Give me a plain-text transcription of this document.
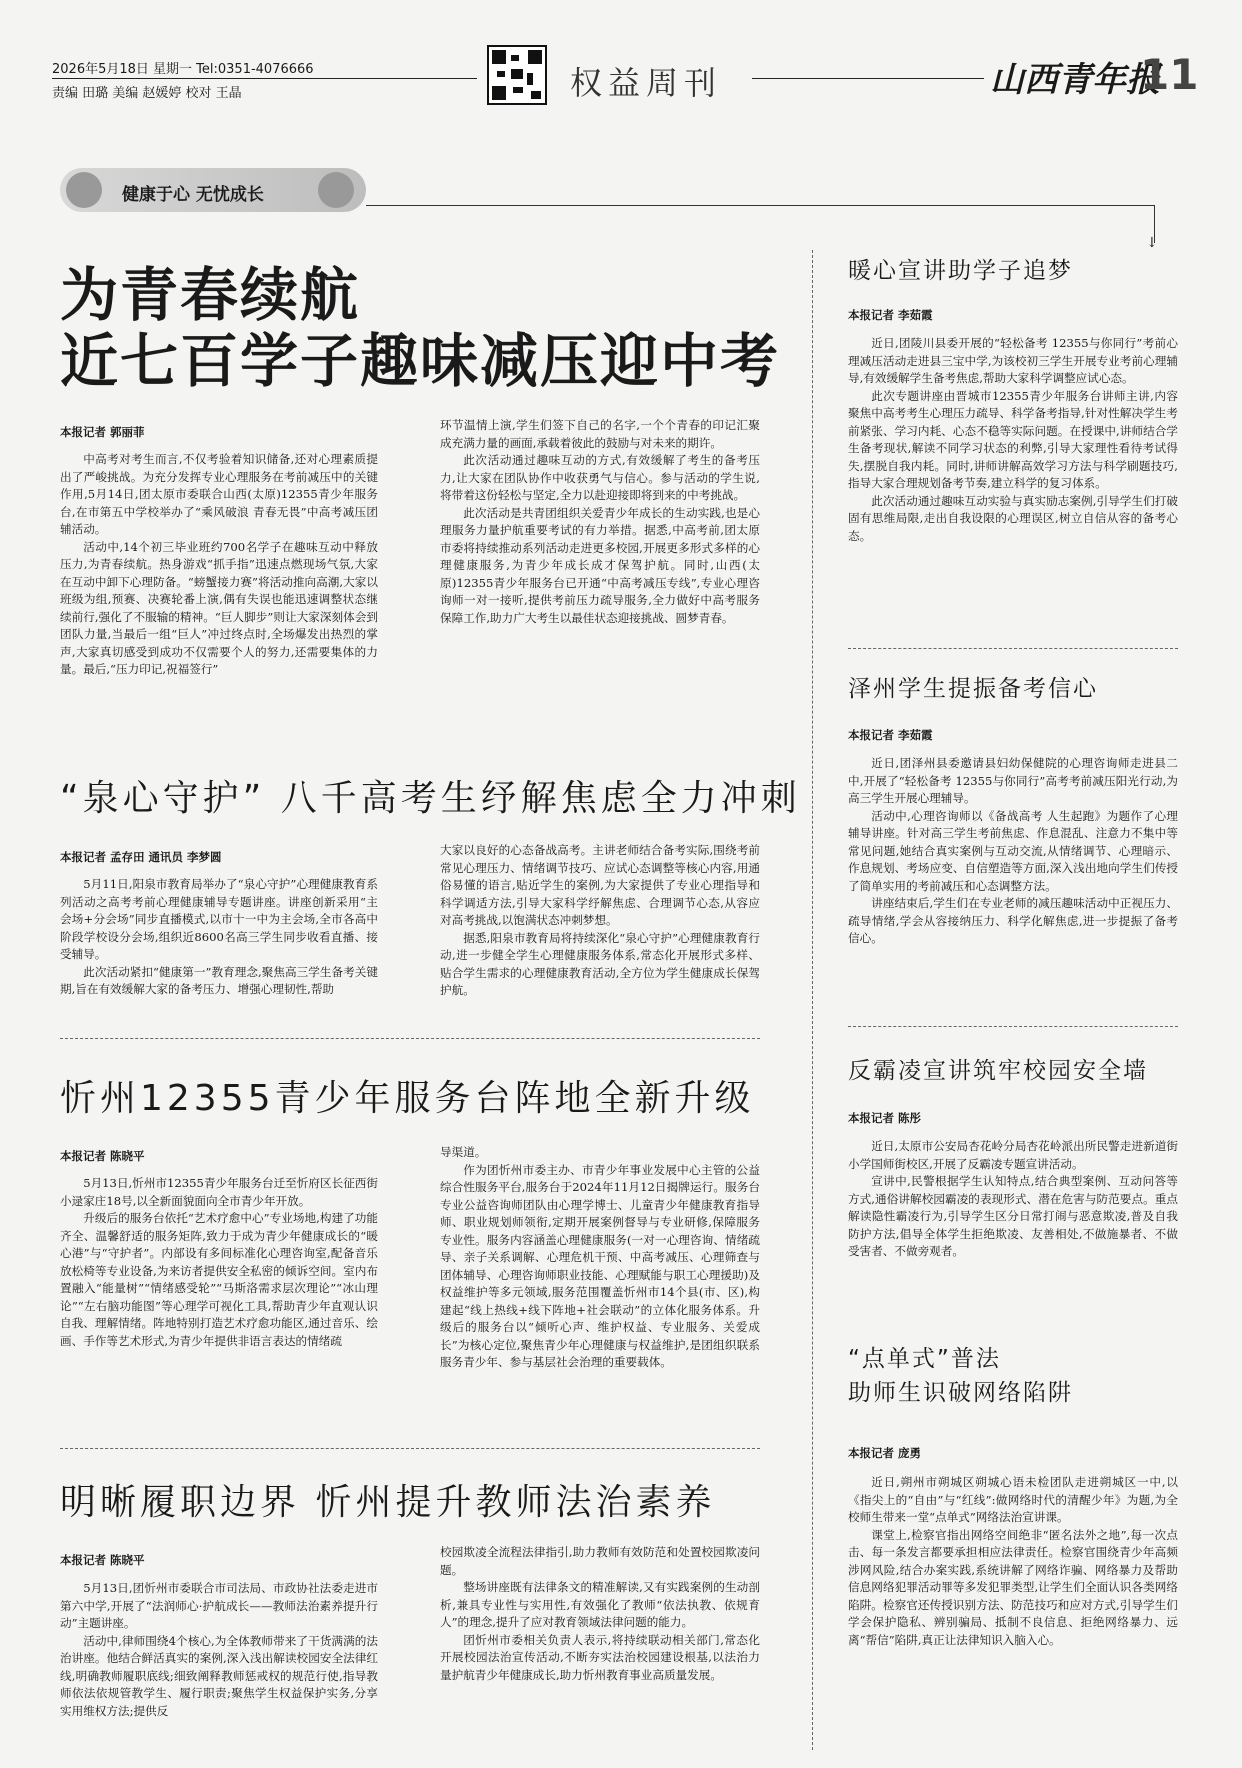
2026年5月18日 星期一 Tel:0351-4076666
责编 田璐 美编 赵媛婷 校对 王晶	权益周刊	山西青年报
11
健康于心 无忧成长
↓
为青春续航
近七百学子趣味减压迎中考
本报记者 郭丽菲

中高考对考生而言,不仅考验着知识储备,还对心理素质提出了严峻挑战。为充分发挥专业心理服务在考前减压中的关键作用,5月14日,团太原市委联合山西(太原)12355青少年服务台,在市第五中学校举办了“乘风破浪 青春无畏”中高考减压团辅活动。

活动中,14个初三毕业班约700名学子在趣味互动中释放压力,为青春续航。热身游戏“抓手指”迅速点燃现场气氛,大家在互动中卸下心理防备。“螃蟹接力赛”将活动推向高潮,大家以班级为组,预赛、决赛轮番上演,偶有失误也能迅速调整状态继续前行,强化了不服输的精神。“巨人脚步”则让大家深刻体会到团队力量,当最后一组“巨人”冲过终点时,全场爆发出热烈的掌声,大家真切感受到成功不仅需要个人的努力,还需要集体的力量。最后,“压力印记,祝福签行”

环节温情上演,学生们签下自己的名字,一个个青春的印记汇聚成充满力量的画面,承载着彼此的鼓励与对未来的期许。

此次活动通过趣味互动的方式,有效缓解了考生的备考压力,让大家在团队协作中收获勇气与信心。参与活动的学生说,将带着这份轻松与坚定,全力以赴迎接即将到来的中考挑战。

此次活动是共青团组织关爱青少年成长的生动实践,也是心理服务力量护航重要考试的有力举措。据悉,中高考前,团太原市委将持续推动系列活动走进更多校园,开展更多形式多样的心理健康服务,为青少年成长成才保驾护航。同时,山西(太原)12355青少年服务台已开通“中高考减压专线”,专业心理咨询师一对一接听,提供考前压力疏导服务,全力做好中高考服务保障工作,助力广大考生以最佳状态迎接挑战、圆梦青春。

“泉心守护” 八千高考生纾解焦虑全力冲刺
本报记者 孟存田 通讯员 李梦圆

5月11日,阳泉市教育局举办了“泉心守护”心理健康教育系列活动之高考考前心理健康辅导专题讲座。讲座创新采用“主会场+分会场”同步直播模式,以市十一中为主会场,全市各高中阶段学校设分会场,组织近8600名高三学生同步收看直播、接受辅导。

此次活动紧扣“健康第一”教育理念,聚焦高三学生备考关键期,旨在有效缓解大家的备考压力、增强心理韧性,帮助

大家以良好的心态备战高考。主讲老师结合备考实际,围绕考前常见心理压力、情绪调节技巧、应试心态调整等核心内容,用通俗易懂的语言,贴近学生的案例,为大家提供了专业心理指导和科学调适方法,引导大家科学纾解焦虑、合理调节心态,从容应对高考挑战,以饱满状态冲刺梦想。

据悉,阳泉市教育局将持续深化“泉心守护”心理健康教育行动,进一步健全学生心理健康服务体系,常态化开展形式多样、贴合学生需求的心理健康教育活动,全方位为学生健康成长保驾护航。

忻州12355青少年服务台阵地全新升级
本报记者 陈晓平

5月13日,忻州市12355青少年服务台迁至忻府区长征西街小逯家庄18号,以全新面貌面向全市青少年开放。

升级后的服务台依托“艺术疗愈中心”专业场地,构建了功能齐全、温馨舒适的服务矩阵,致力于成为青少年健康成长的“暖心港”与“守护者”。内部设有多间标准化心理咨询室,配备音乐放松椅等专业设备,为来访者提供安全私密的倾诉空间。室内布置融入“能量树”“情绪感受轮”“马斯洛需求层次理论”“冰山理论”“左右脑功能图”等心理学可视化工具,帮助青少年直观认识自我、理解情绪。阵地特别打造艺术疗愈功能区,通过音乐、绘画、手作等艺术形式,为青少年提供非语言表达的情绪疏

导渠道。

作为团忻州市委主办、市青少年事业发展中心主管的公益综合性服务平台,服务台于2024年11月12日揭牌运行。服务台专业公益咨询师团队由心理学博士、儿童青少年健康教育指导师、职业规划师领衔,定期开展案例督导与专业研修,保障服务专业性。服务内容涵盖心理健康服务(一对一心理咨询、情绪疏导、亲子关系调解、心理危机干预、中高考减压、心理筛查与团体辅导、心理咨询师职业技能、心理赋能与职工心理援助)及权益维护等多元领域,服务范围覆盖忻州市14个县(市、区),构建起“线上热线+线下阵地+社会联动”的立体化服务体系。升级后的服务台以“倾听心声、维护权益、专业服务、关爱成长”为核心定位,聚焦青少年心理健康与权益维护,是团组织联系服务青少年、参与基层社会治理的重要载体。

明晰履职边界 忻州提升教师法治素养
本报记者 陈晓平

5月13日,团忻州市委联合市司法局、市政协社法委走进市第六中学,开展了“法润师心·护航成长——教师法治素养提升行动”主题讲座。

活动中,律师围绕4个核心,为全体教师带来了干货满满的法治讲座。他结合鲜活真实的案例,深入浅出解读校园安全法律红线,明确教师履职底线;细致阐释教师惩戒权的规范行使,指导教师依法依规管教学生、履行职责;聚焦学生权益保护实务,分享实用维权方法;提供反

校园欺凌全流程法律指引,助力教师有效防范和处置校园欺凌问题。

整场讲座既有法律条文的精准解读,又有实践案例的生动剖析,兼具专业性与实用性,有效强化了教师“依法执教、依规育人”的理念,提升了应对教育领域法律问题的能力。

团忻州市委相关负责人表示,将持续联动相关部门,常态化开展校园法治宣传活动,不断夯实法治校园建设根基,以法治力量护航青少年健康成长,助力忻州教育事业高质量发展。

暖心宣讲助学子追梦
本报记者 李茹霞

近日,团陵川县委开展的“轻松备考 12355与你同行”考前心理减压活动走进县三宝中学,为该校初三学生开展专业考前心理辅导,有效缓解学生备考焦虑,帮助大家科学调整应试心态。

此次专题讲座由晋城市12355青少年服务台讲师主讲,内容聚焦中高考考生心理压力疏导、科学备考指导,针对性解决学生考前紧张、学习内耗、心态不稳等实际问题。在授课中,讲师结合学生备考现状,解读不同学习状态的利弊,引导大家理性看待考试得失,摆脱自我内耗。同时,讲师讲解高效学习方法与科学刷题技巧,指导大家合理规划备考节奏,建立科学的复习体系。

此次活动通过趣味互动实验与真实励志案例,引导学生们打破固有思维局限,走出自我设限的心理误区,树立自信从容的备考心态。

泽州学生提振备考信心
本报记者 李茹霞

近日,团泽州县委邀请县妇幼保健院的心理咨询师走进县二中,开展了“轻松备考 12355与你同行”高考考前减压阳光行动,为高三学生开展心理辅导。

活动中,心理咨询师以《备战高考 人生起跑》为题作了心理辅导讲座。针对高三学生考前焦虑、作息混乱、注意力不集中等常见问题,她结合真实案例与互动交流,从情绪调节、心理暗示、作息规划、考场应变、自信塑造等方面,深入浅出地向学生们传授了简单实用的考前减压和心态调整方法。

讲座结束后,学生们在专业老师的减压趣味活动中正视压力、疏导情绪,学会从容接纳压力、科学化解焦虑,进一步提振了备考信心。

反霸凌宣讲筑牢校园安全墙
本报记者 陈彤

近日,太原市公安局杏花岭分局杏花岭派出所民警走进新道街小学国师街校区,开展了反霸凌专题宣讲活动。

宣讲中,民警根据学生认知特点,结合典型案例、互动问答等方式,通俗讲解校园霸凌的表现形式、潜在危害与防范要点。重点解读隐性霸凌行为,引导学生区分日常打闹与恶意欺凌,普及自我防护方法,倡导全体学生拒绝欺凌、友善相处,不做施暴者、不做受害者、不做旁观者。

“点单式”普法
助师生识破网络陷阱
本报记者 庞勇

近日,朔州市朔城区朔城心语未检团队走进朔城区一中,以《指尖上的“自由”与“红线”:做网络时代的清醒少年》为题,为全校师生带来一堂“点单式”网络法治宣讲课。

课堂上,检察官指出网络空间绝非“匿名法外之地”,每一次点击、每一条发言都要承担相应法律责任。检察官围绕青少年高频涉网风险,结合办案实践,系统讲解了网络诈骗、网络暴力及帮助信息网络犯罪活动罪等多发犯罪类型,让学生们全面认识各类网络陷阱。检察官还传授识别方法、防范技巧和应对方式,引导学生们学会保护隐私、辨别骗局、抵制不良信息、拒绝网络暴力、远离“帮信”陷阱,真正让法律知识入脑入心。
